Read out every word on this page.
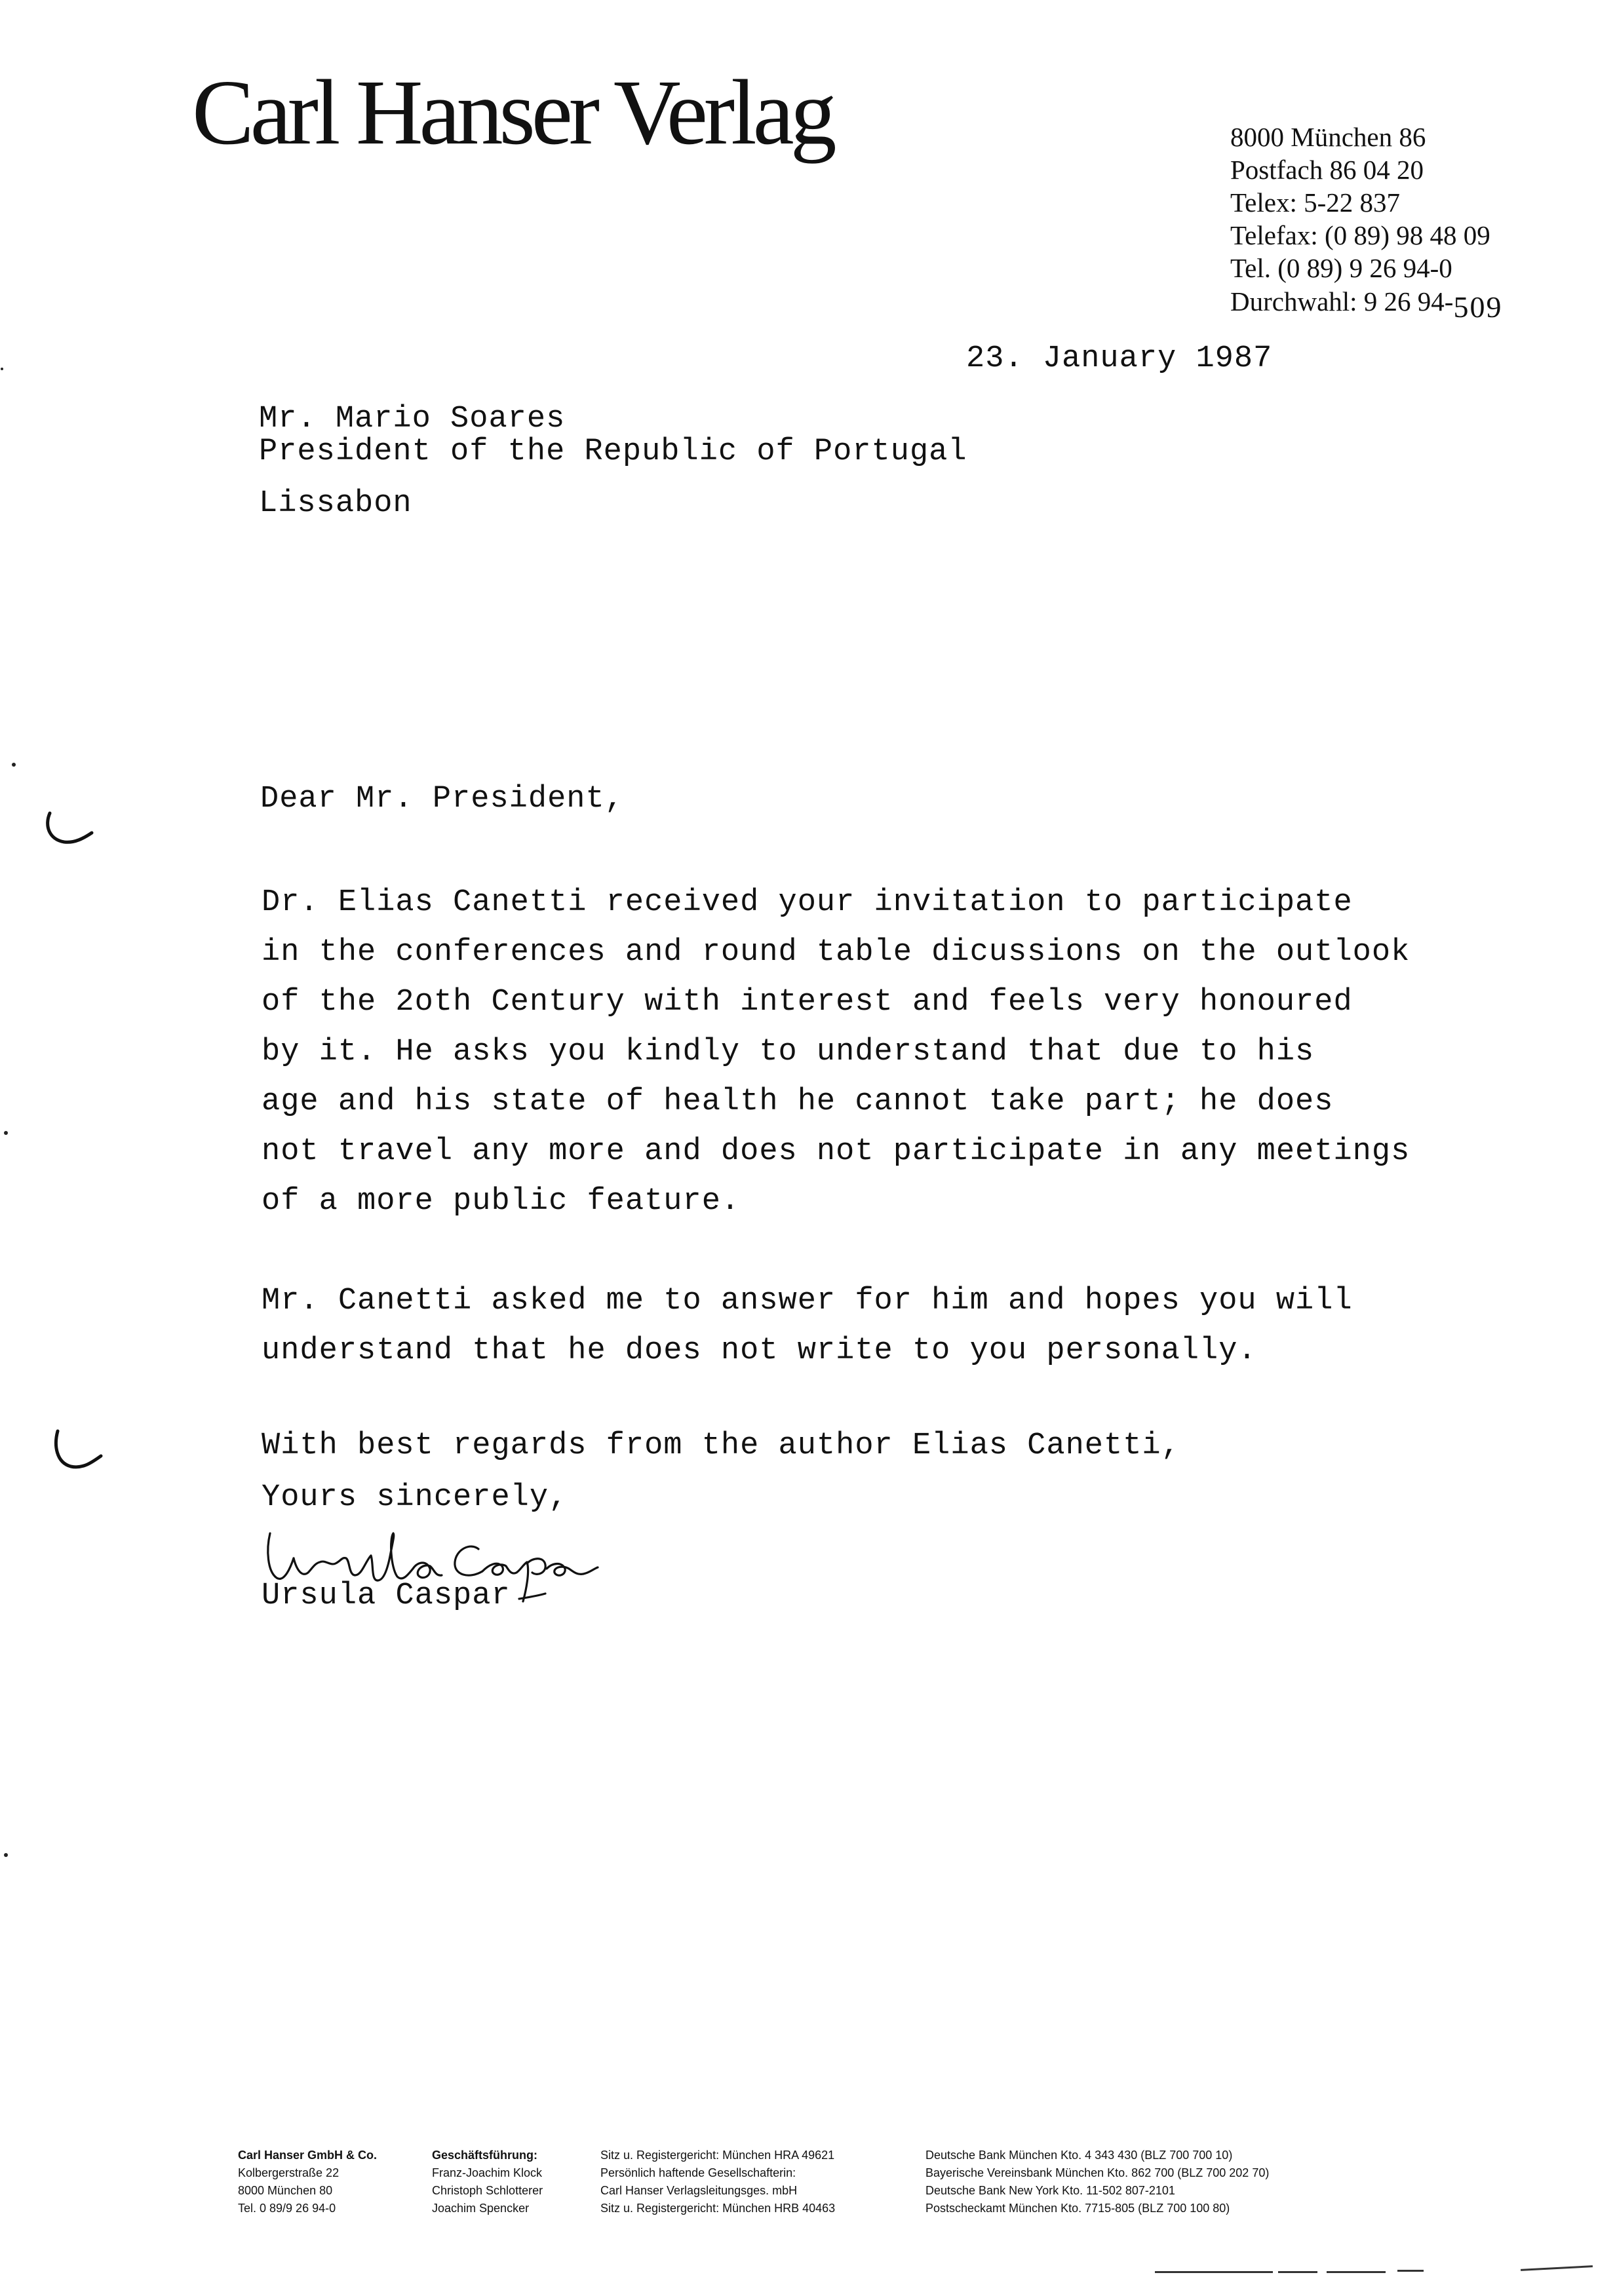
Carl Hanser Verlag	8000 München 86
Postfach 86 04 20
Telex: 5-22 837
Telefax: (0 89) 98 48 09
Tel. (0 89) 9 26 94-0
Durchwahl: 9 26 94-509
23. January 1987
Mr. Mario Soares
President of the Republic of Portugal
Lissabon
Dear Mr. President,
Dr. Elias Canetti received your invitation to participate
in the conferences and round table dicussions on the outlook
of the 2oth Century with interest and feels very honoured
by it. He asks you kindly to understand that due to his
age and his state of health he cannot take part; he does
not travel any more and does not participate in any meetings
of a more public feature.
Mr. Canetti asked me to answer for him and hopes you will
understand that he does not write to you personally.
With best regards from the author Elias Canetti,
Yours sincerely,
Ursula Caspar
Carl Hanser GmbH & Co.
Kolbergerstraße 22
8000 München 80
Tel. 0 89/9 26 94-0
Geschäftsführung:
Franz-Joachim Klock
Christoph Schlotterer
Joachim Spencker
Sitz u. Registergericht: München HRA 49621
Persönlich haftende Gesellschafterin:
Carl Hanser Verlagsleitungsges. mbH
Sitz u. Registergericht: München HRB 40463
Deutsche Bank München Kto. 4 343 430 (BLZ 700 700 10)
Bayerische Vereinsbank München Kto. 862 700 (BLZ 700 202 70)
Deutsche Bank New York Kto. 11-502 807-2101
Postscheckamt München Kto. 7715-805 (BLZ 700 100 80)
